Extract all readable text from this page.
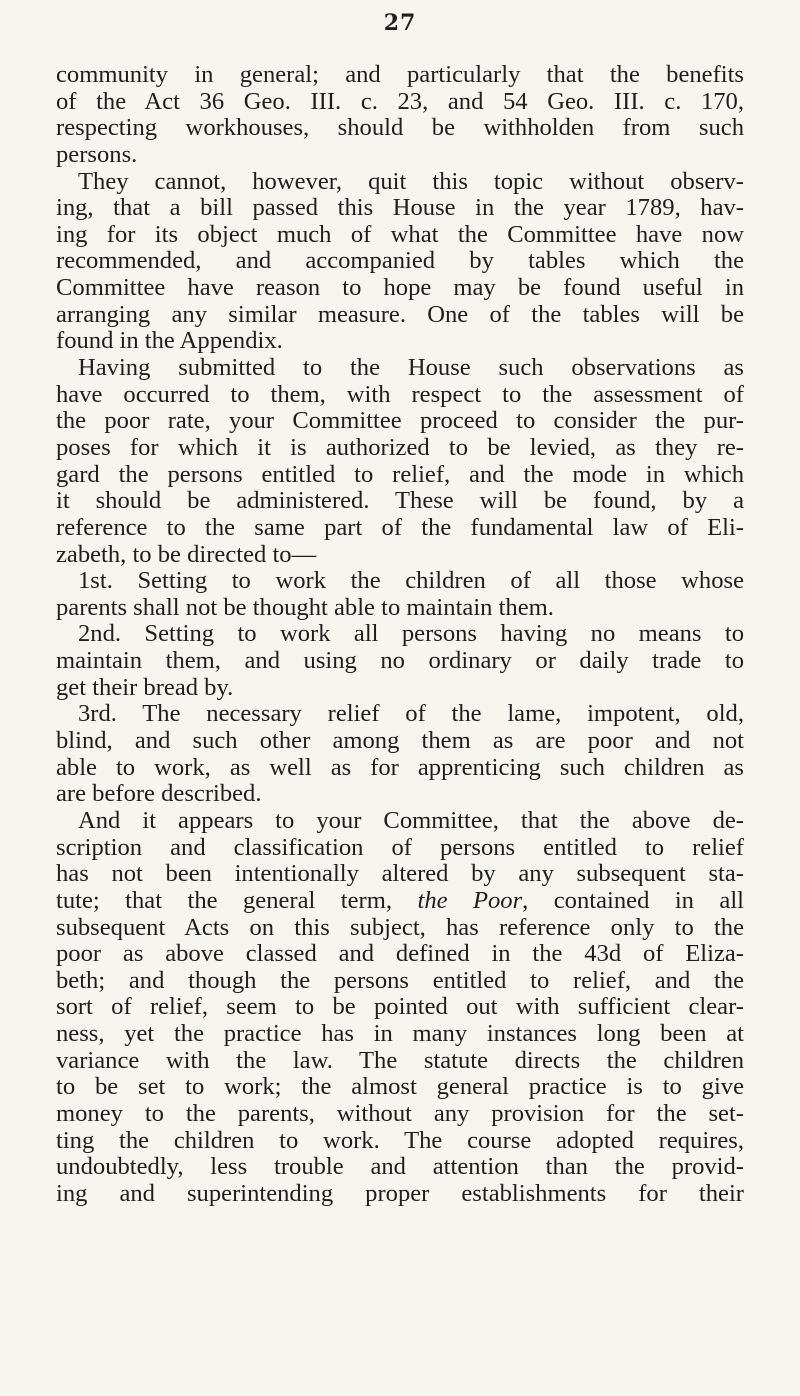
27
community in general; and particularly that the benefits
of the Act 36 Geo. III. c. 23, and 54 Geo. III. c. 170,
respecting workhouses, should be withholden from such
persons.
They cannot, however, quit this topic without observ-
ing, that a bill passed this House in the year 1789, hav-
ing for its object much of what the Committee have now
recommended, and accompanied by tables which the
Committee have reason to hope may be found useful in
arranging any similar measure. One of the tables will be
found in the Appendix.
Having submitted to the House such observations as
have occurred to them, with respect to the assessment of
the poor rate, your Committee proceed to consider the pur-
poses for which it is authorized to be levied, as they re-
gard the persons entitled to relief, and the mode in which
it should be administered. These will be found, by a
reference to the same part of the fundamental law of Eli-
zabeth, to be directed to—
1st. Setting to work the children of all those whose
parents shall not be thought able to maintain them.
2nd. Setting to work all persons having no means to
maintain them, and using no ordinary or daily trade to
get their bread by.
3rd. The necessary relief of the lame, impotent, old,
blind, and such other among them as are poor and not
able to work, as well as for apprenticing such children as
are before described.
And it appears to your Committee, that the above de-
scription and classification of persons entitled to relief
has not been intentionally altered by any subsequent sta-
tute; that the general term, the Poor, contained in all
subsequent Acts on this subject, has reference only to the
poor as above classed and defined in the 43d of Eliza-
beth; and though the persons entitled to relief, and the
sort of relief, seem to be pointed out with sufficient clear-
ness, yet the practice has in many instances long been at
variance with the law. The statute directs the children
to be set to work; the almost general practice is to give
money to the parents, without any provision for the set-
ting the children to work. The course adopted requires,
undoubtedly, less trouble and attention than the provid-
ing and superintending proper establishments for their
